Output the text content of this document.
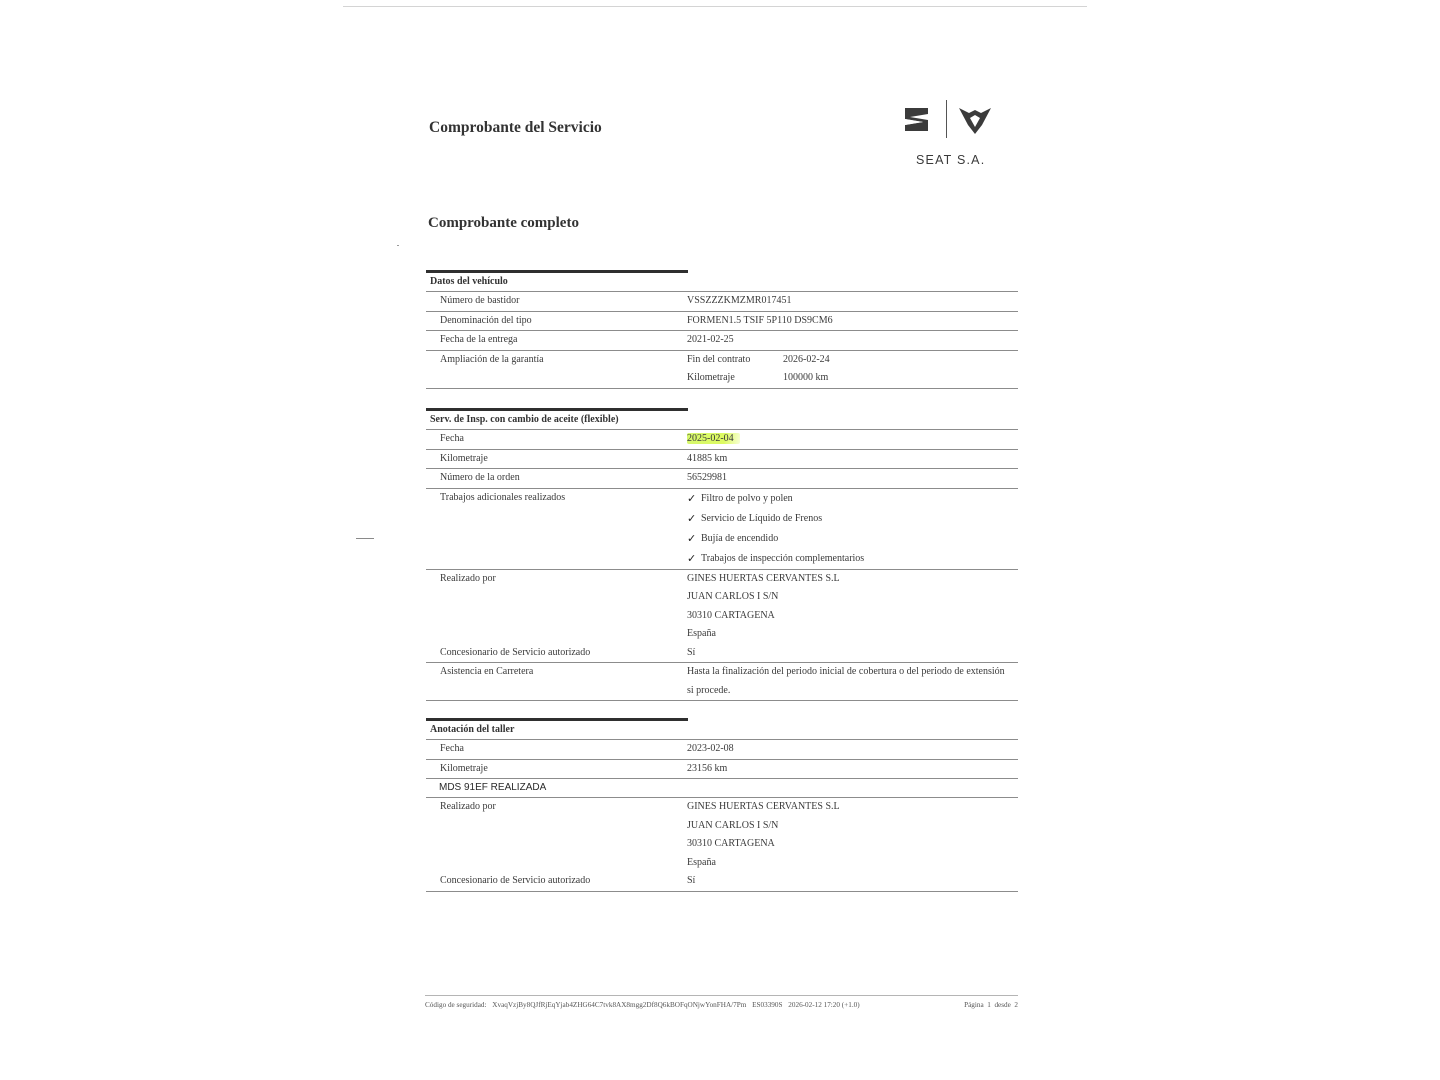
Comprobante del Servicio
Comprobante completo
SEAT S.A.
Datos del vehículo
Número de bastidor	VSSZZZKMZMR017451
Denominación del tipo	FORMEN1.5 TSIF 5P110 DS9CM6
Fecha de la entrega	2021-02-25
Ampliación de la garantía	Fin del contrato	2026-02-24
Kilometraje	100000 km
Serv. de Insp. con cambio de aceite (flexible)
Fecha	2025-02-04
Kilometraje	41885 km
Número de la orden	56529981
Trabajos adicionales realizados	✓ Filtro de polvo y polen
✓ Servicio de Líquido de Frenos
✓ Bujía de encendido
✓ Trabajos de inspección complementarios
Realizado por	GINES HUERTAS CERVANTES S.L
JUAN CARLOS I S/N
30310 CARTAGENA
España
Concesionario de Servicio autorizado	Sí
Asistencia en Carretera	Hasta la finalización del periodo inicial de cobertura o del periodo de extensión
si procede.
Anotación del taller
Fecha	2023-02-08
Kilometraje	23156 km
MDS 91EF REALIZADA
Realizado por	GINES HUERTAS CERVANTES S.L
JUAN CARLOS I S/N
30310 CARTAGENA
España
Concesionario de Servicio autorizado	Sí
Código de seguridad: XvaqVzjBy8QJfRjEqYjab4ZHG64C7tvk8AX8mgg2Df8Q6kBOFqONjwYonFHA/7Pm ES03390S 2026-02-12 17:20 (+1.0)	Página 1 desde 2
